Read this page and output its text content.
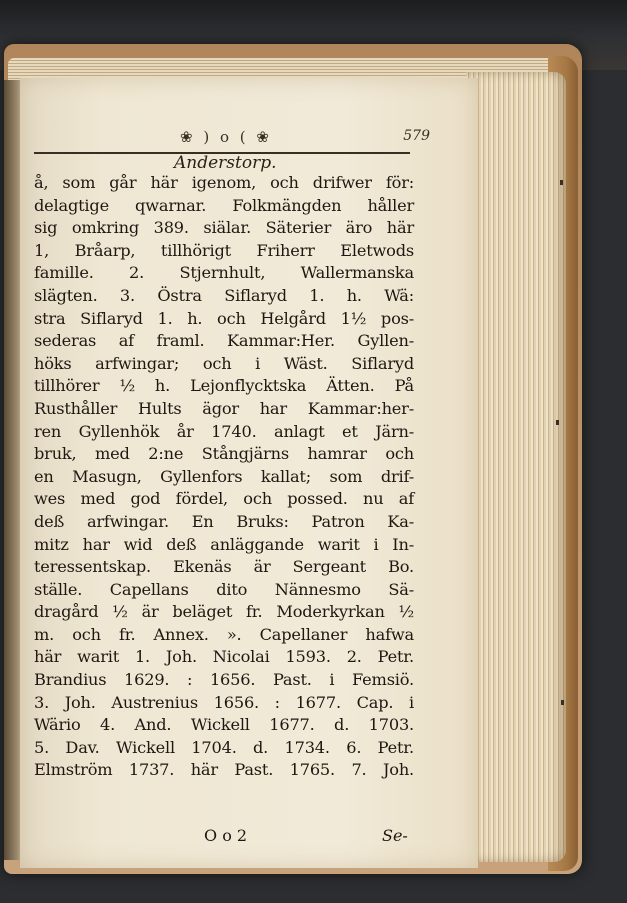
❀ ) o ( ❀	579
Anderstorp.
å, som går här igenom, och drifwer för:
delagtige qwarnar. Folkmängden håller
sig omkring 389. siälar. Säterier äro här
1, Bråarp, tillhörigt Friherr Eletwods
famille. 2. Stjernhult, Wallermanska
slägten. 3. Östra Siflaryd 1. h. Wä:
stra Siflaryd 1. h. och Helgård 1½ pos-
sederas af framl. Kammar:Her. Gyllen-
höks arfwingar; och i Wäst. Siflaryd
tillhörer ½ h. Lejonflycktska Ätten. På
Rusthåller Hults ägor har Kammar:her-
ren Gyllenhök år 1740. anlagt et Järn-
bruk, med 2:ne Stångjärns hamrar och
en Masugn, Gyllenfors kallat; som drif-
wes med god fördel, och possed. nu af
deß arfwingar. En Bruks: Patron Ka-
mitz har wid deß anläggande warit i In-
teressentskap. Ekenäs är Sergeant Bo.
ställe. Capellans dito Nännesmo Sä-
dragård ½ är beläget fr. Moderkyrkan ½
m. och fr. Annex. ». Capellaner hafwa
här warit 1. Joh. Nicolai 1593. 2. Petr.
Brandius 1629. : 1656. Past. i Femsiö.
3. Joh. Austrenius 1656. : 1677. Cap. i
Wärio 4. And. Wickell 1677. d. 1703.
5. Dav. Wickell 1704. d. 1734. 6. Petr.
Elmström 1737. här Past. 1765. 7. Joh.
O o 2	Se-
